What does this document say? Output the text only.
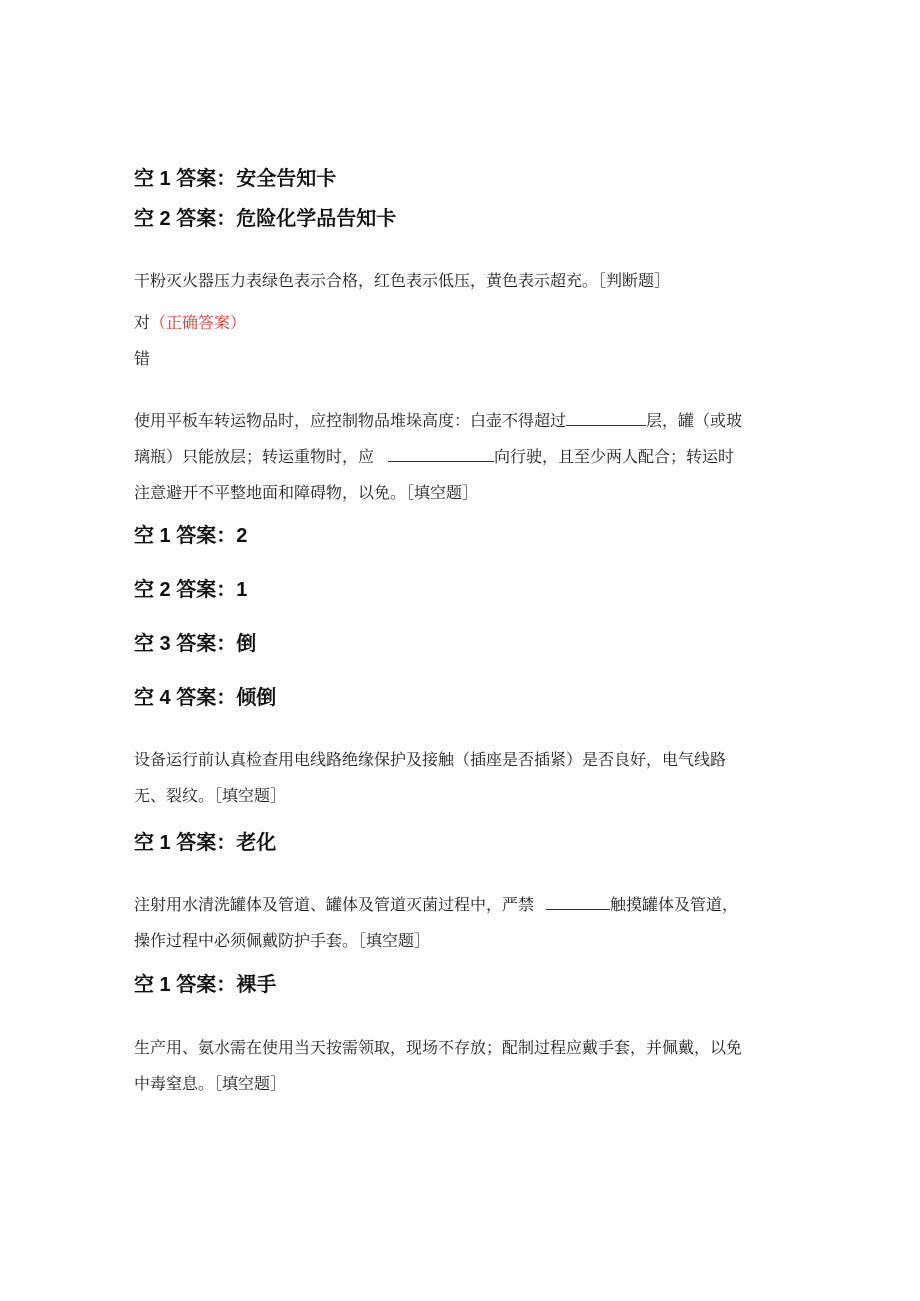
空 1 答案：安全告知卡
空 2 答案：危险化学品告知卡

干粉灭火器压力表绿色表示合格，红色表示低压，黄色表示超充。［判断题］

对（正确答案）
错

使用平板车转运物品时，应控制物品堆垛高度：白壶不得超过	层，罐（或玻

璃瓶）只能放层；转运重物时，应	向行驶，且至少两人配合；转运时

注意避开不平整地面和障碍物，以免。［填空题］

空 1 答案：2
空 2 答案：1
空 3 答案：倒
空 4 答案：倾倒

设备运行前认真检查用电线路绝缘保护及接触（插座是否插紧）是否良好，电气线路

无、裂纹。［填空题］

空 1 答案：老化

注射用水清洗罐体及管道、罐体及管道灭菌过程中，严禁	触摸罐体及管道，

操作过程中必须佩戴防护手套。［填空题］

空 1 答案：裸手

生产用、氨水需在使用当天按需领取，现场不存放；配制过程应戴手套，并佩戴，以免

中毒窒息。［填空题］
